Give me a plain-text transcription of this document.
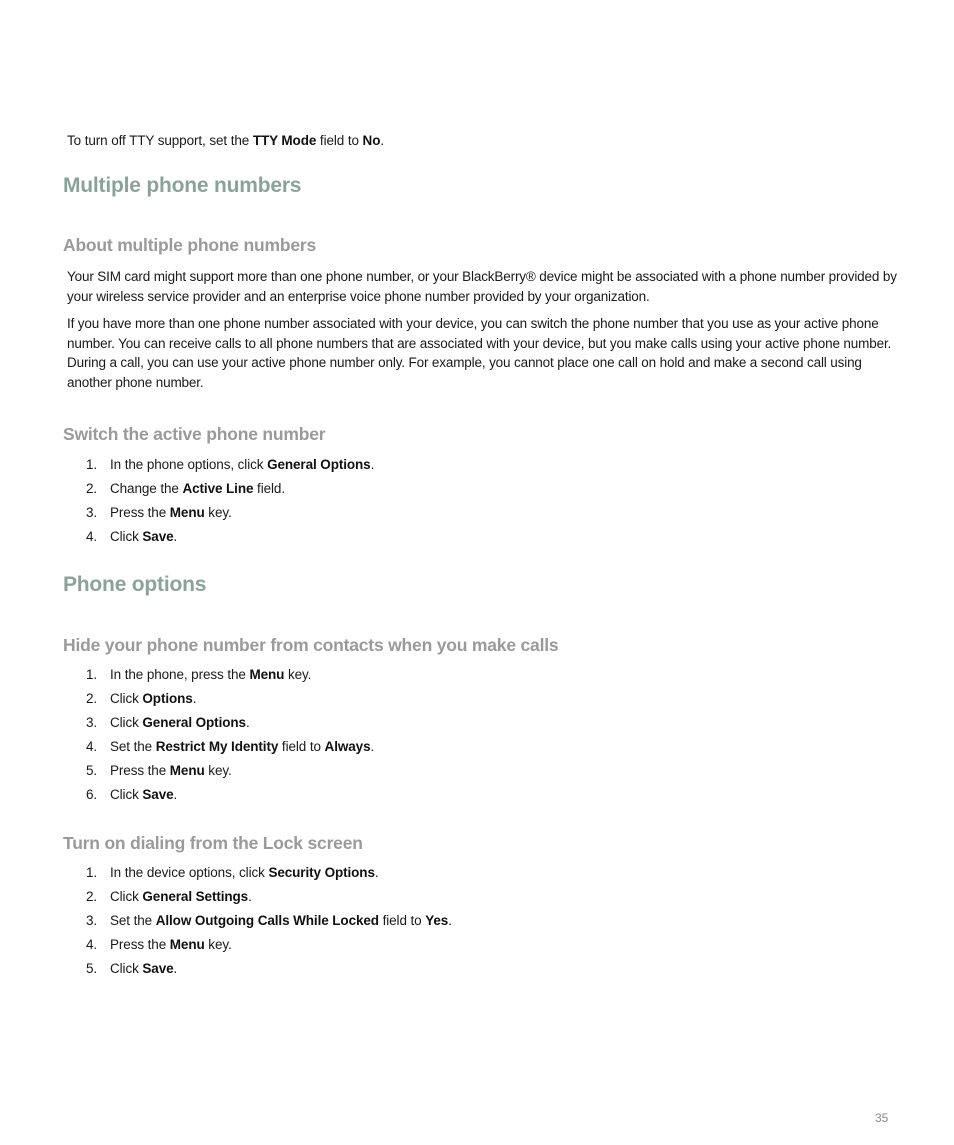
To turn off TTY support, set the TTY Mode field to No.
Multiple phone numbers
About multiple phone numbers

Your SIM card might support more than one phone number, or your BlackBerry® device might be associated with a phone number provided by your wireless service provider and an enterprise voice phone number provided by your organization.

If you have more than one phone number associated with your device, you can switch the phone number that you use as your active phone number. You can receive calls to all phone numbers that are associated with your device, but you make calls using your active phone number. During a call, you can use your active phone number only. For example, you cannot place one call on hold and make a second call using another phone number.

Switch the active phone number
1. In the phone options, click General Options.
2. Change the Active Line field.
3. Press the Menu key.
4. Click Save.
Phone options
Hide your phone number from contacts when you make calls
1. In the phone, press the Menu key.
2. Click Options.
3. Click General Options.
4. Set the Restrict My Identity field to Always.
5. Press the Menu key.
6. Click Save.
Turn on dialing from the Lock screen
1. In the device options, click Security Options.
2. Click General Settings.
3. Set the Allow Outgoing Calls While Locked field to Yes.
4. Press the Menu key.
5. Click Save.
35
